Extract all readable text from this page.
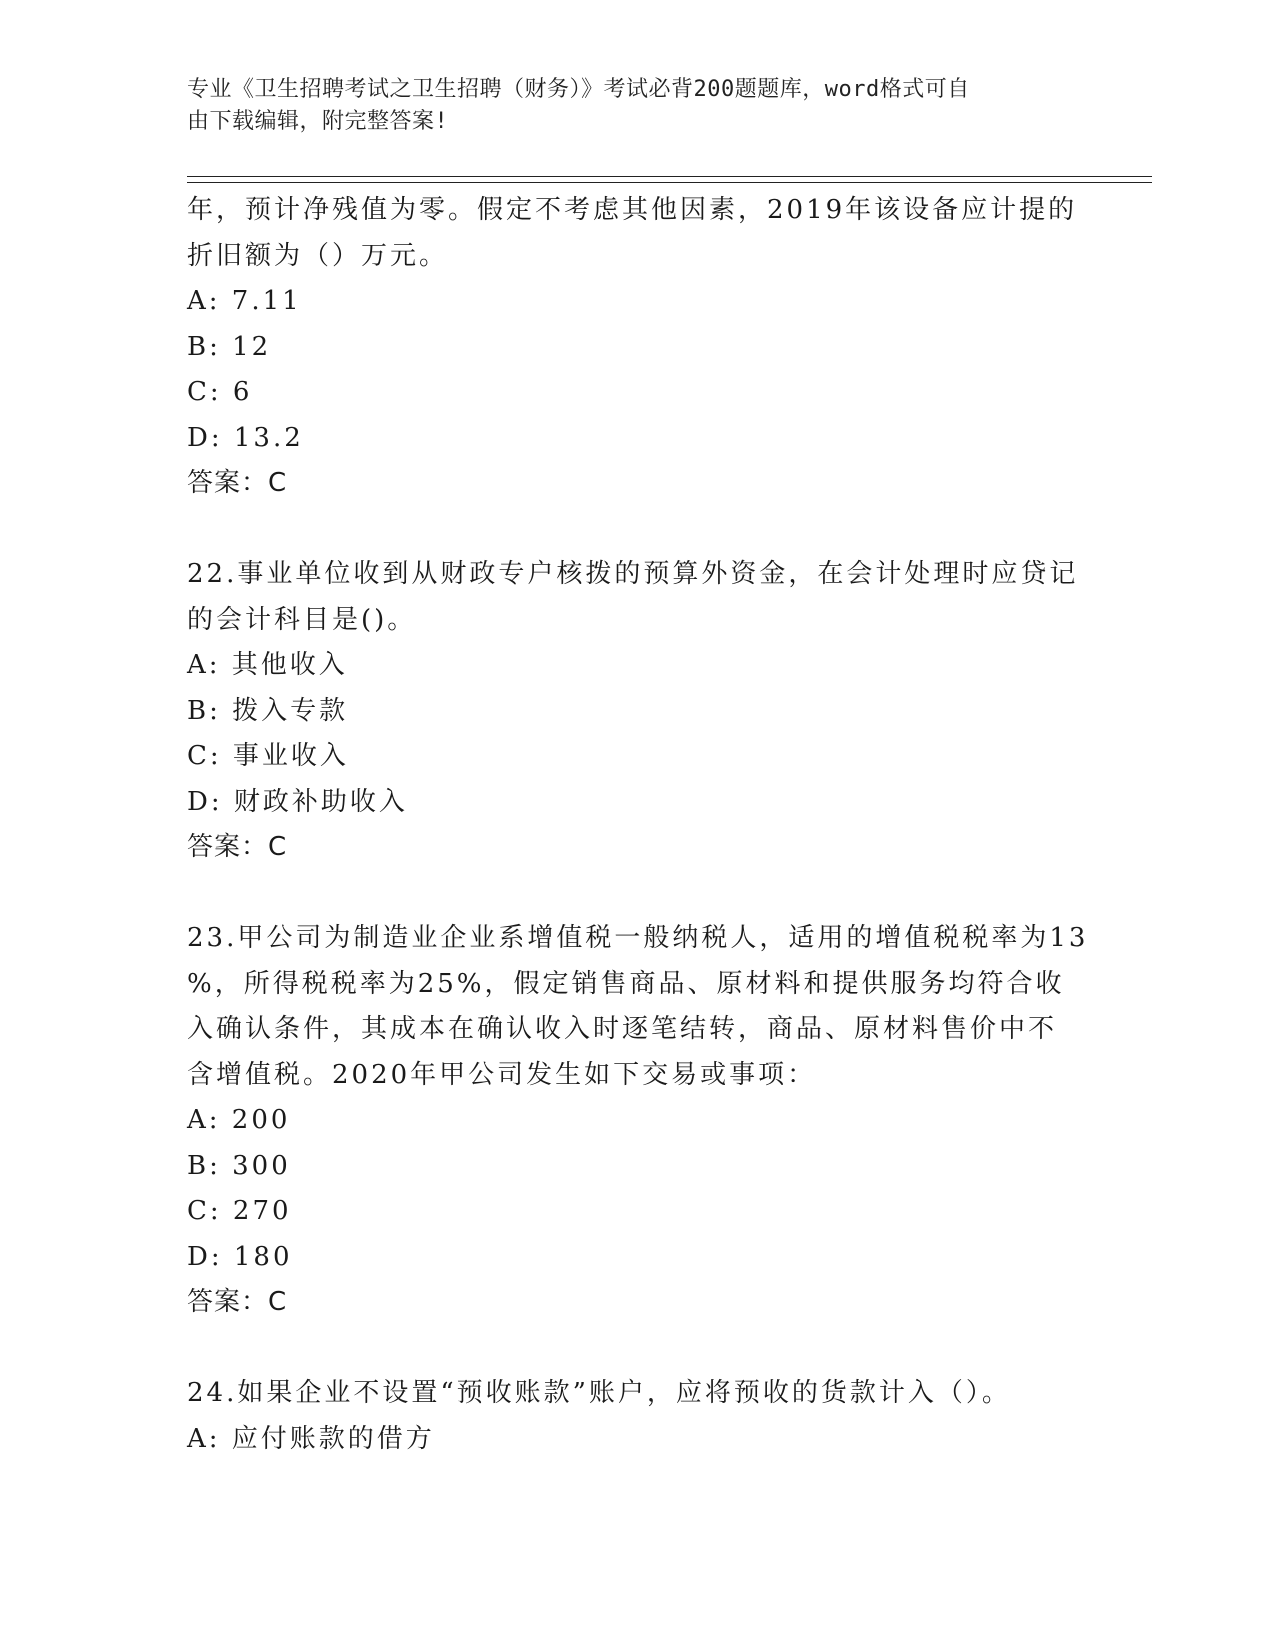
专业《卫生招聘考试之卫生招聘（财务）》考试必背200题题库，word格式可自
由下载编辑，附完整答案!
年，预计净残值为零。假定不考虑其他因素，2019年该设备应计提的
折旧额为（）万元。
A: 7.11
B: 12
C: 6
D: 13.2
答案：C
22.事业单位收到从财政专户核拨的预算外资金，在会计处理时应贷记
的会计科目是()。
A: 其他收入
B: 拨入专款
C: 事业收入
D: 财政补助收入
答案：C
23.甲公司为制造业企业系增值税一般纳税人，适用的增值税税率为13
%，所得税税率为25%，假定销售商品、原材料和提供服务均符合收
入确认条件，其成本在确认收入时逐笔结转，商品、原材料售价中不
含增值税。2020年甲公司发生如下交易或事项：
A: 200
B: 300
C: 270
D: 180
答案：C
24.如果企业不设置“预收账款”账户，应将预收的货款计入（）。
A: 应付账款的借方
